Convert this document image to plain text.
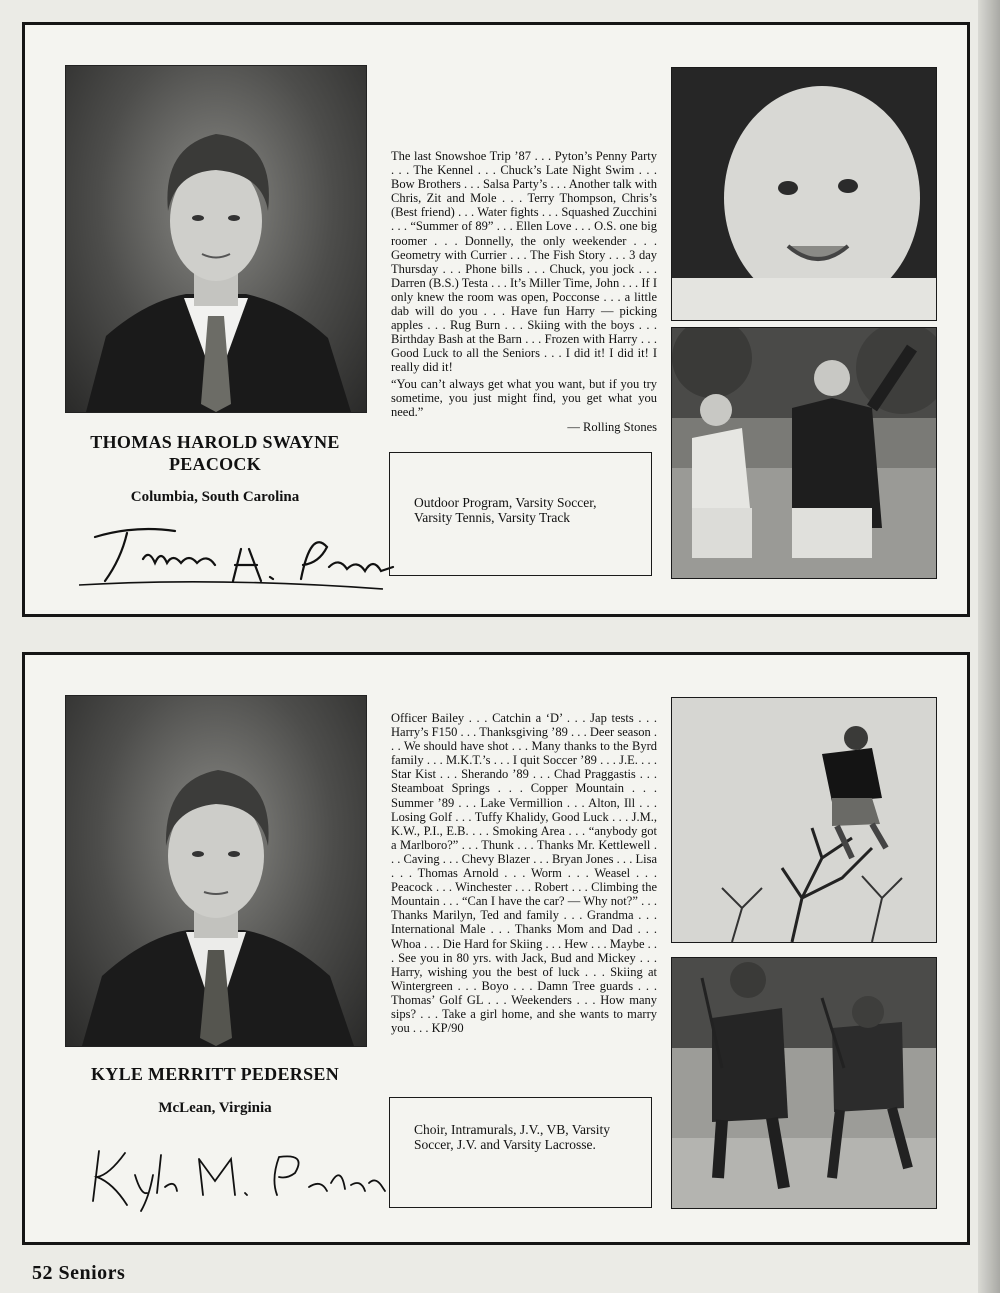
THOMAS HAROLD SWAYNE
PEACOCK
Columbia, South Carolina

The last Snowshoe Trip ’87 . . . Pyton’s Penny Party . . . The Kennel . . . Chuck’s Late Night Swim . . . Bow Brothers . . . Salsa Party’s . . . Another talk with Chris, Zit and Mole . . . Terry Thompson, Chris’s (Best friend) . . . Water fights . . . Squashed Zucchini . . . “Summer of 89” . . . Ellen Love . . . O.S. one big roomer . . . Donnelly, the only weekender . . . Geometry with Currier . . . The Fish Story . . . 3 day Thursday . . . Phone bills . . . Chuck, you jock . . . Darren (B.S.) Testa . . . It’s Miller Time, John . . . If I only knew the room was open, Pocconse . . . a little dab will do you . . . Have fun Harry — picking apples . . . Rug Burn . . . Skiing with the boys . . . Birthday Bash at the Barn . . . Frozen with Harry . . . Good Luck to all the Seniors . . . I did it! I did it! I really did it!

“You can’t always get what you want, but if you try sometime, you just might find, you get what you need.”

— Rolling Stones
Outdoor Program, Varsity Soccer, Varsity Tennis, Varsity Track
KYLE MERRITT PEDERSEN
McLean, Virginia

Officer Bailey . . . Catchin a ‘D’ . . . Jap tests . . . Harry’s F150 . . . Thanksgiving ’89 . . . Deer season . . . We should have shot . . . Many thanks to the Byrd family . . . M.K.T.’s . . . I quit Soccer ’89 . . . J.E. . . . Star Kist . . . Sherando ’89 . . . Chad Praggastis . . . Steamboat Springs . . . Copper Mountain . . . Summer ’89 . . . Lake Vermillion . . . Alton, Ill . . . Losing Golf . . . Tuffy Khalidy, Good Luck . . . J.M., K.W., P.I., E.B. . . . Smoking Area . . . “anybody got a Marlboro?” . . . Thunk . . . Thanks Mr. Kettlewell . . . Caving . . . Chevy Blazer . . . Bryan Jones . . . Lisa . . . Thomas Arnold . . . Worm . . . Weasel . . . Peacock . . . Winchester . . . Robert . . . Climbing the Mountain . . . “Can I have the car? — Why not?” . . . Thanks Marilyn, Ted and family . . . Grandma . . . International Male . . . Thanks Mom and Dad . . . Whoa . . . Die Hard for Skiing . . . Hew . . . Maybe . . . See you in 80 yrs. with Jack, Bud and Mickey . . . Harry, wishing you the best of luck . . . Skiing at Wintergreen . . . Boyo . . . Damn Tree guards . . . Thomas’ Golf GL . . . Weekenders . . . How many sips? . . . Take a girl home, and she wants to marry you . . . KP/90

Choir, Intramurals, J.V., VB, Varsity Soccer, J.V. and Varsity Lacrosse.
52 Seniors
